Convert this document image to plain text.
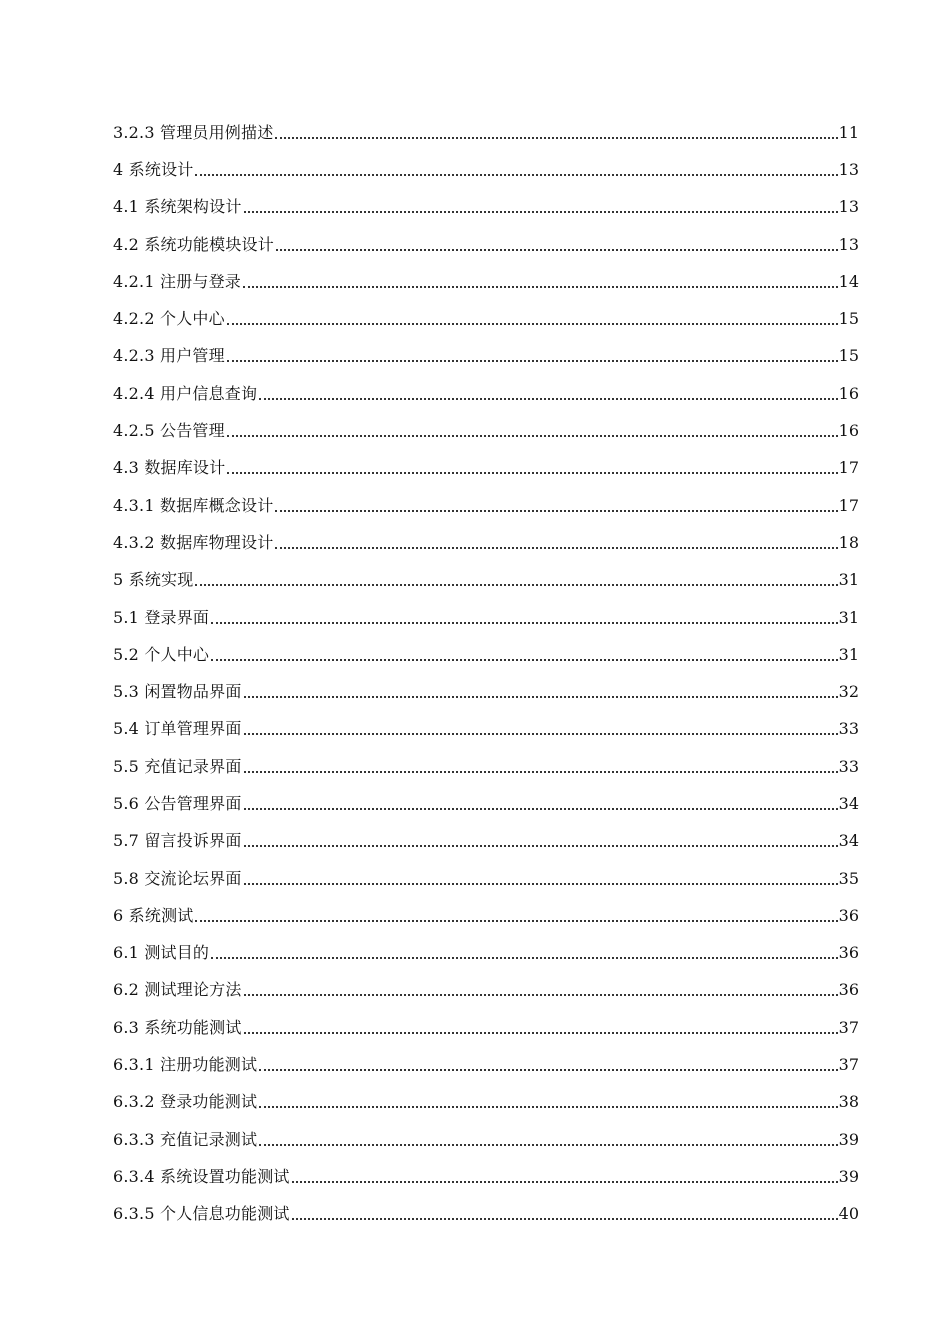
3.2.3 管理员用例描述	11
4 系统设计	13
4.1 系统架构设计	13
4.2 系统功能模块设计	13
4.2.1 注册与登录	14
4.2.2 个人中心	15
4.2.3 用户管理	15
4.2.4 用户信息查询	16
4.2.5 公告管理	16
4.3 数据库设计	17
4.3.1 数据库概念设计	17
4.3.2 数据库物理设计	18
5 系统实现	31
5.1 登录界面	31
5.2 个人中心	31
5.3 闲置物品界面	32
5.4 订单管理界面	33
5.5 充值记录界面	33
5.6 公告管理界面	34
5.7 留言投诉界面	34
5.8 交流论坛界面	35
6 系统测试	36
6.1 测试目的	36
6.2 测试理论方法	36
6.3 系统功能测试	37
6.3.1 注册功能测试	37
6.3.2 登录功能测试	38
6.3.3 充值记录测试	39
6.3.4 系统设置功能测试	39
6.3.5 个人信息功能测试	40
